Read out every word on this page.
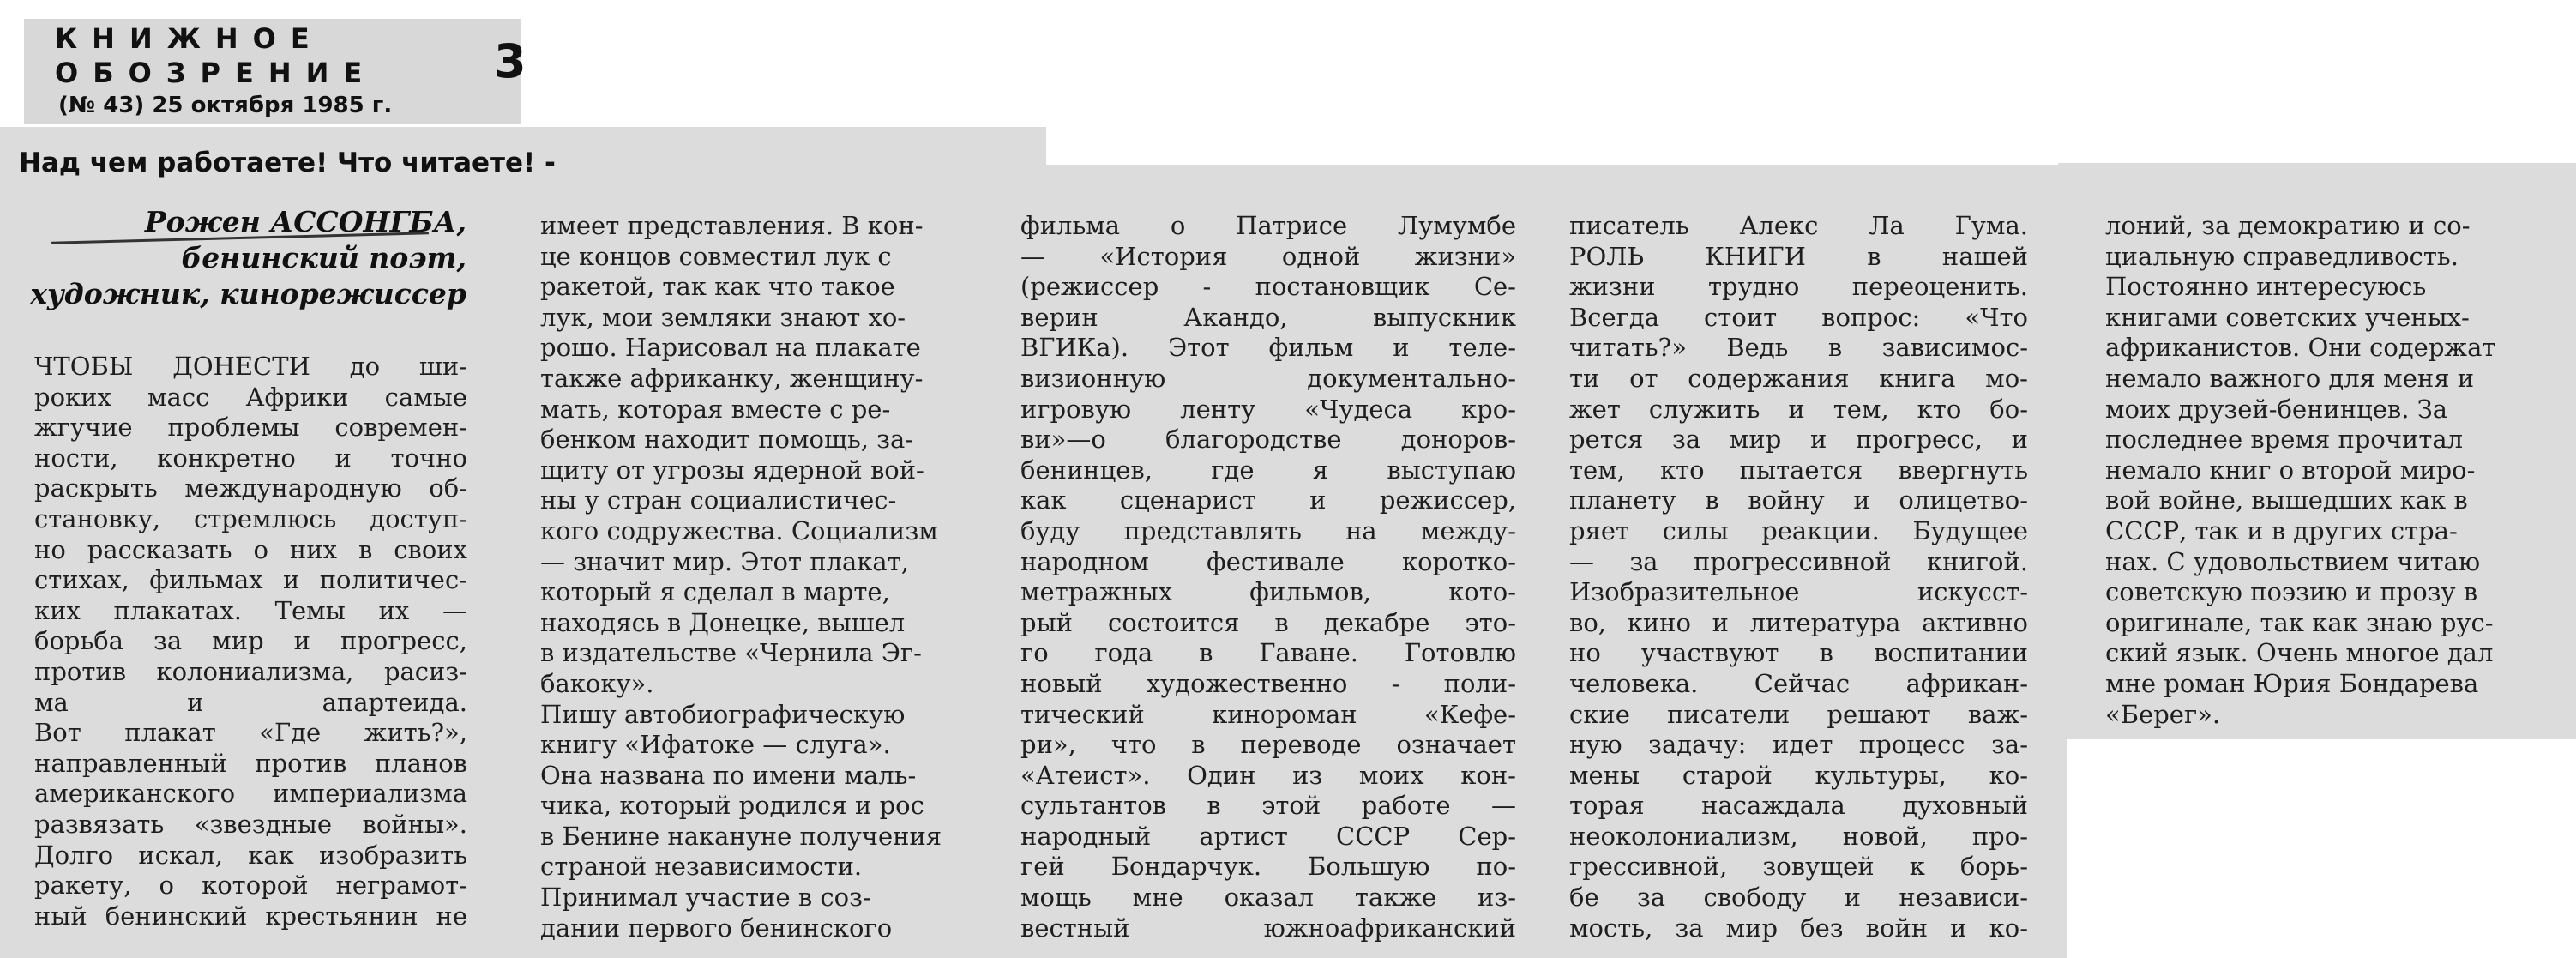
КНИЖНОЕ
ОБОЗРЕНИЕ
(№ 43) 25 октября 1985 г.
3
Над чем работаете! Что читаете! -
Рожен АССОНГБА,
бенинский поэт,
художник, кинорежиссер

ЧТОБЫ ДОНЕСТИ до ши-
роких масс Африки самые
жгучие проблемы современ-
ности, конкретно и точно
раскрыть международную об-
становку, стремлюсь доступ-
но рассказать о них в своих
стихах, фильмах и политичес-
ких плакатах. Темы их —
борьба за мир и прогресс,
против колониализма, расиз-
ма и апартеида.
Вот плакат «Где жить?»,
направленный против планов
американского империализма
развязать «звездные войны».
Долго искал, как изобразить
ракету, о которой неграмот-
ный бенинский крестьянин не

имеет представления. В кон-
це концов совместил лук с
ракетой, так как что такое
лук, мои земляки знают хо-
рошо. Нарисовал на плакате
также африканку, женщину-
мать, которая вместе с ре-
бенком находит помощь, за-
щиту от угрозы ядерной вой-
ны у стран социалистичес-
кого содружества. Социализм
— значит мир. Этот плакат,
который я сделал в марте,
находясь в Донецке, вышел
в издательстве «Чернила Эг-
бакоку».
Пишу автобиографическую
книгу «Ифатоке — слуга».
Она названа по имени маль-
чика, который родился и рос
в Бенине накануне получения
страной независимости.
Принимал участие в соз-
дании первого бенинского

фильма о Патрисе Лумумбе
— «История одной жизни»
(режиссер - постановщик Се-
верин Акандо, выпускник
ВГИКа). Этот фильм и теле-
визионную документально-
игровую ленту «Чудеса кро-
ви»—о благородстве доноров-
бенинцев, где я выступаю
как сценарист и режиссер,
буду представлять на между-
народном фестивале коротко-
метражных фильмов, кото-
рый состоится в декабре это-
го года в Гаване. Готовлю
новый художественно - поли-
тический кинороман «Кефе-
ри», что в переводе означает
«Атеист». Один из моих кон-
сультантов в этой работе —
народный артист СССР Сер-
гей Бондарчук. Большую по-
мощь мне оказал также из-
вестный южноафриканский

писатель Алекс Ла Гума.
РОЛЬ КНИГИ в нашей
жизни трудно переоценить.
Всегда стоит вопрос: «Что
читать?» Ведь в зависимос-
ти от содержания книга мо-
жет служить и тем, кто бо-
рется за мир и прогресс, и
тем, кто пытается ввергнуть
планету в войну и олицетво-
ряет силы реакции. Будущее
— за прогрессивной книгой.
Изобразительное искусст-
во, кино и литература активно
но участвуют в воспитании
человека. Сейчас африкан-
ские писатели решают важ-
ную задачу: идет процесс за-
мены старой культуры, ко-
торая насаждала духовный
неоколониализм, новой, про-
грессивной, зовущей к борь-
бе за свободу и независи-
мость, за мир без войн и ко-

лоний, за демократию и со-
циальную справедливость.
Постоянно интересуюсь
книгами советских ученых-
африканистов. Они содержат
немало важного для меня и
моих друзей-бенинцев. За
последнее время прочитал
немало книг о второй миро-
вой войне, вышедших как в
СССР, так и в других стра-
нах. С удовольствием читаю
советскую поэзию и прозу в
оригинале, так как знаю рус-
ский язык. Очень многое дал
мне роман Юрия Бондарева
«Берег».
